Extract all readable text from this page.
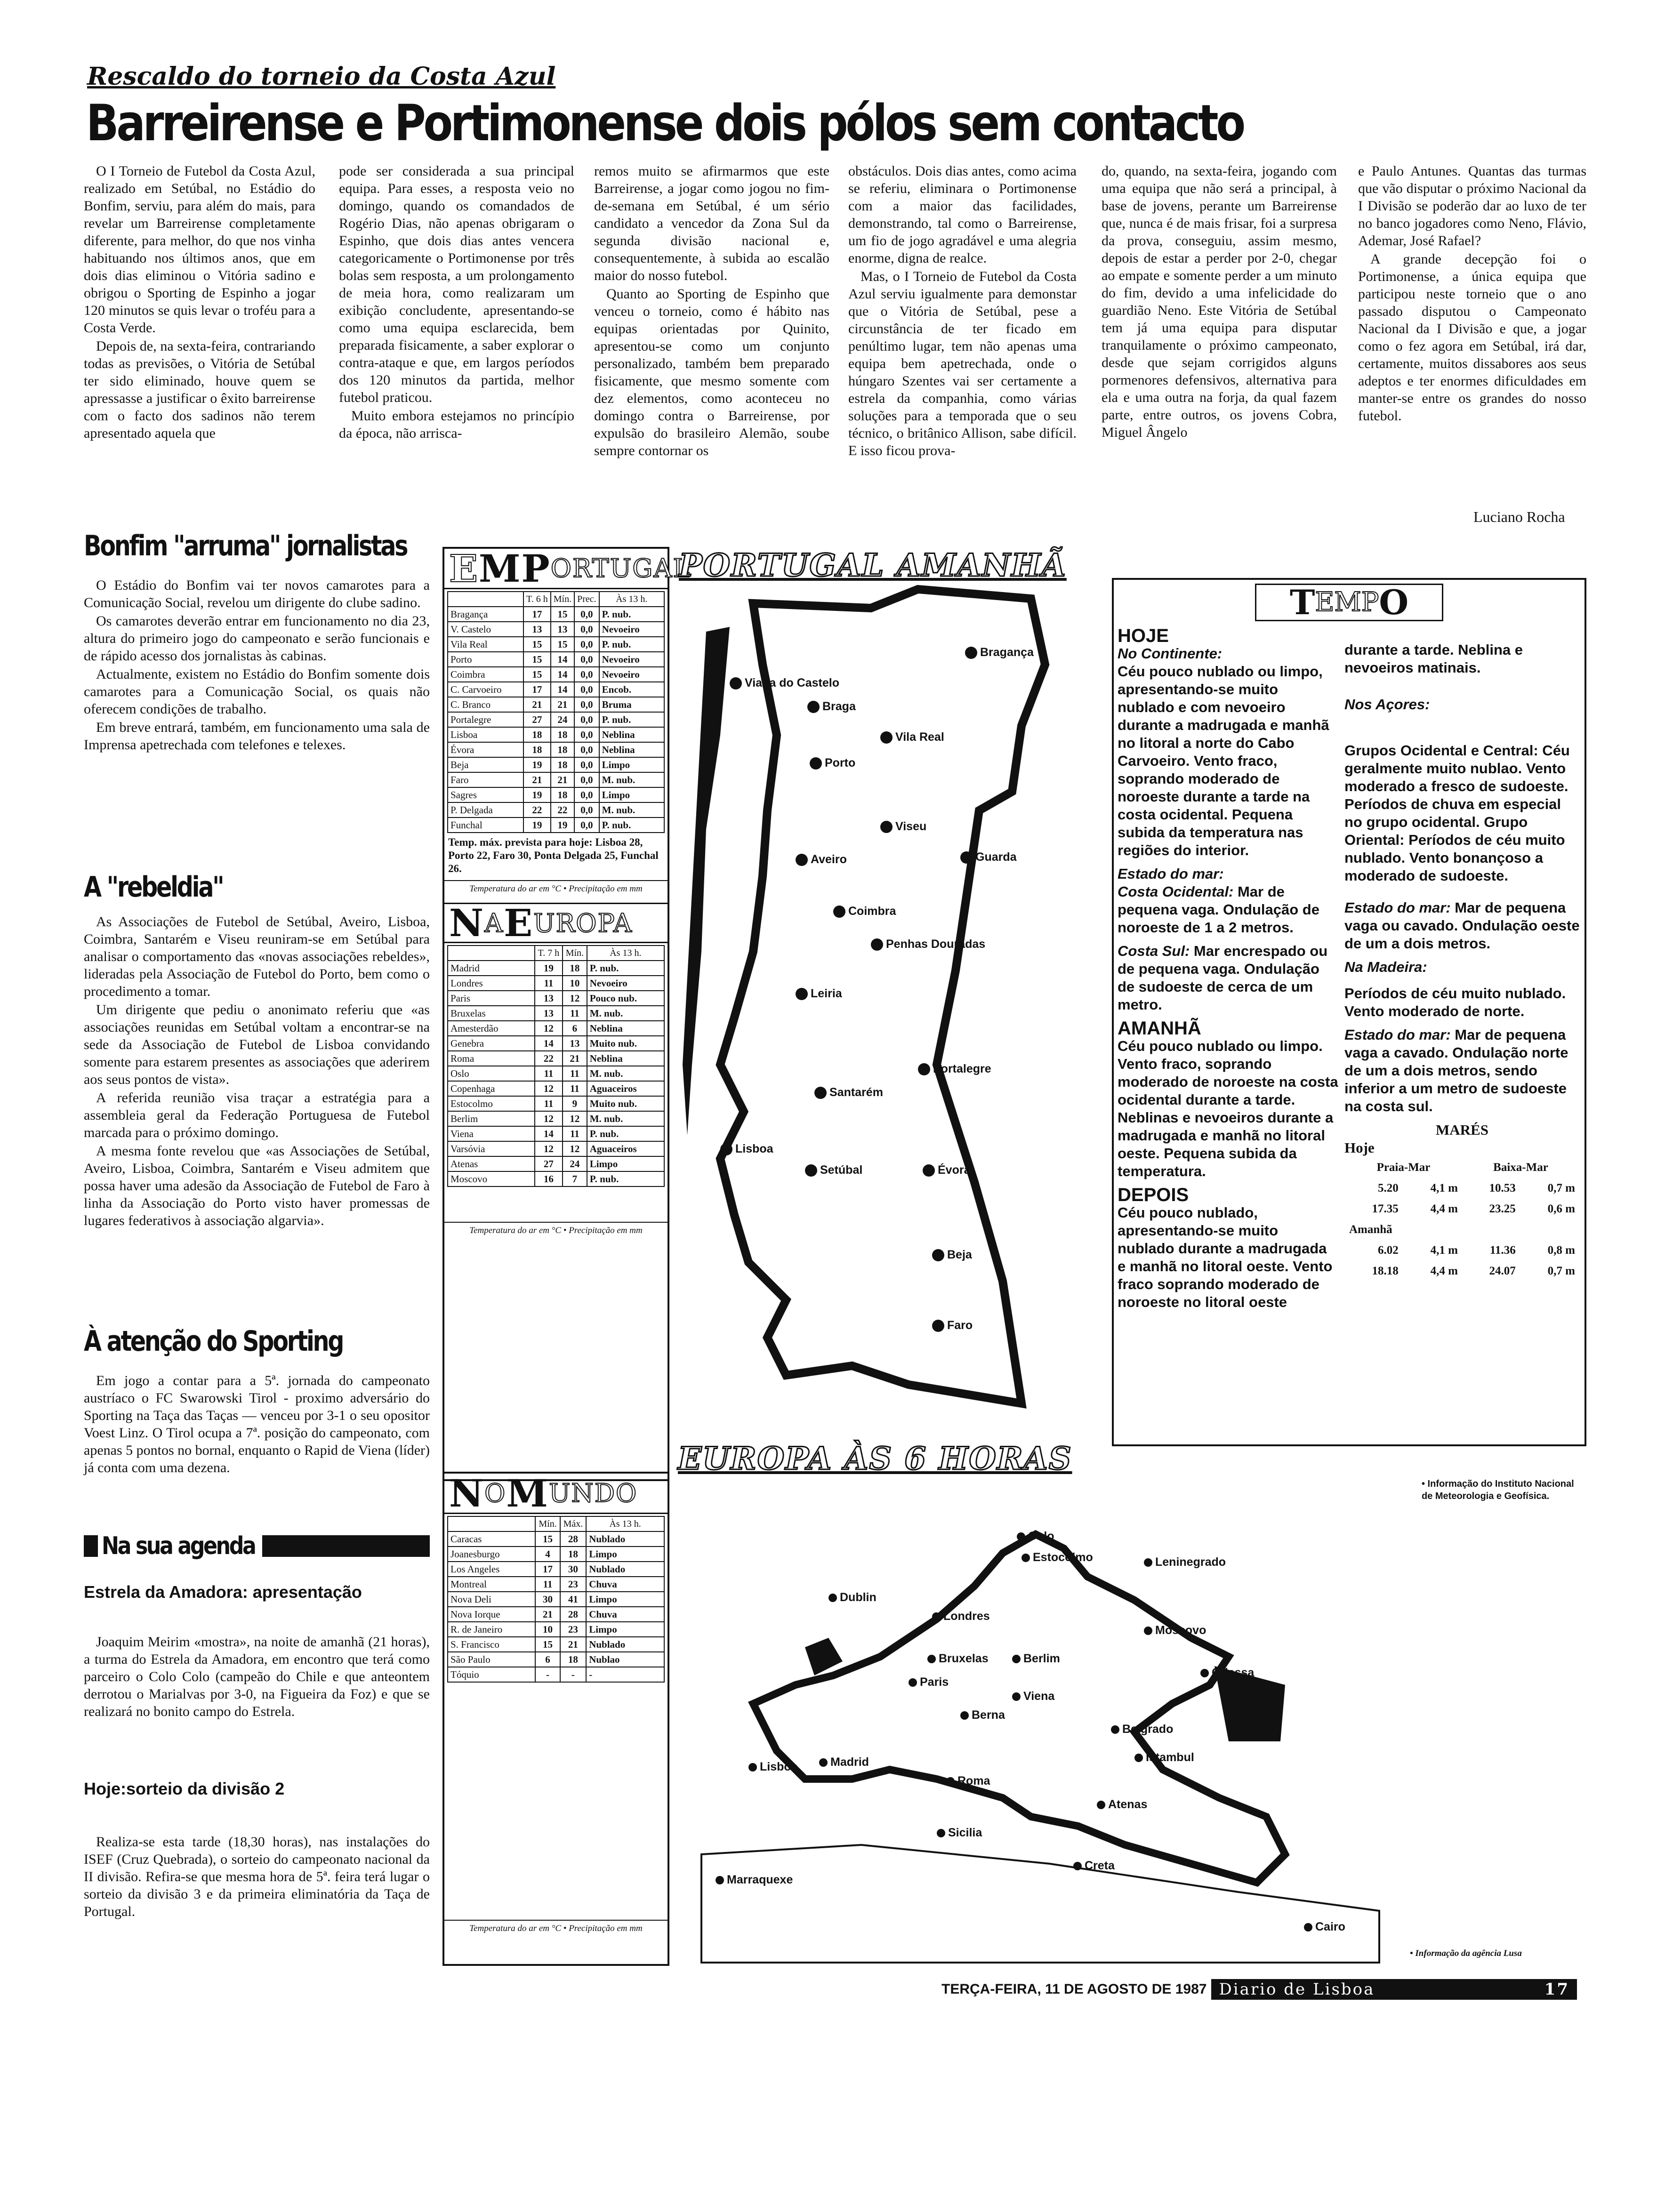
Rescaldo do torneio da Costa Azul
Barreirense e Portimonense dois pólos sem contacto

O I Torneio de Futebol da Costa Azul, realizado em Setúbal, no Estádio do Bonfim, serviu, para além do mais, para revelar um Barreirense completamente diferente, para melhor, do que nos vinha habituando nos últimos anos, que em dois dias eliminou o Vitória sadino e obrigou o Sporting de Espinho a jogar 120 minutos se quis levar o troféu para a Costa Verde.

Depois de, na sexta-feira, contrariando todas as previsões, o Vitória de Setúbal ter sido eliminado, houve quem se apressasse a justificar o êxito barreirense com o facto dos sadinos não terem apresentado aquela que

pode ser considerada a sua principal equipa. Para esses, a resposta veio no domingo, quando os comandados de Rogério Dias, não apenas obrigaram o Espinho, que dois dias antes vencera categoricamente o Portimonense por três bolas sem resposta, a um prolongamento de meia hora, como realizaram um exibição concludente, apresentando-se como uma equipa esclarecida, bem preparada fisicamente, a saber explorar o contra-ataque e que, em largos períodos dos 120 minutos da partida, melhor futebol praticou.

Muito embora estejamos no princípio da época, não arrisca-

remos muito se afirmarmos que este Barreirense, a jogar como jogou no fim-de-semana em Setúbal, é um sério candidato a vencedor da Zona Sul da segunda divisão nacional e, consequentemente, à subida ao escalão maior do nosso futebol.

Quanto ao Sporting de Espinho que venceu o torneio, como é hábito nas equipas orientadas por Quinito, apresentou-se como um conjunto personalizado, também bem preparado fisicamente, que mesmo somente com dez elementos, como aconteceu no domingo contra o Barreirense, por expulsão do brasileiro Alemão, soube sempre contornar os

obstáculos. Dois dias antes, como acima se referiu, eliminara o Portimonense com a maior das facilidades, demonstrando, tal como o Barreirense, um fio de jogo agradável e uma alegria enorme, digna de realce.

Mas, o I Torneio de Futebol da Costa Azul serviu igualmente para demonstar que o Vitória de Setúbal, pese a circunstância de ter ficado em penúltimo lugar, tem não apenas uma equipa bem apetrechada, onde o húngaro Szentes vai ser certamente a estrela da companhia, como várias soluções para a temporada que o seu técnico, o britânico Allison, sabe difícil. E isso ficou prova-

do, quando, na sexta-feira, jogando com uma equipa que não será a principal, à base de jovens, perante um Barreirense que, nunca é de mais frisar, foi a surpresa da prova, conseguiu, assim mesmo, depois de estar a perder por 2-0, chegar ao empate e somente perder a um minuto do fim, devido a uma infelicidade do guardião Neno. Este Vitória de Setúbal tem já uma equipa para disputar tranquilamente o próximo campeonato, desde que sejam corrigidos alguns pormenores defensivos, alternativa para ela e uma outra na forja, da qual fazem parte, entre outros, os jovens Cobra, Miguel Ângelo

e Paulo Antunes. Quantas das turmas que vão disputar o próximo Nacional da I Divisão se poderão dar ao luxo de ter no banco jogadores como Neno, Flávio, Ademar, José Rafael?

A grande decepção foi o Portimonense, a única equipa que participou neste torneio que o ano passado disputou o Campeonato Nacional da I Divisão e que, a jogar como o fez agora em Setúbal, irá dar, certamente, muitos dissabores aos seus adeptos e ter enormes dificuldades em manter-se entre os grandes do nosso futebol.

Luciano Rocha
Bonfim "arruma" jornalistas

O Estádio do Bonfim vai ter novos camarotes para a Comunicação Social, revelou um dirigente do clube sadino.

Os camarotes deverão entrar em funcionamento no dia 23, altura do primeiro jogo do campeonato e serão funcionais e de rápido acesso dos jornalistas às cabinas.

Actualmente, existem no Estádio do Bonfim somente dois camarotes para a Comunicação Social, os quais não oferecem condições de trabalho.

Em breve entrará, também, em funcionamento uma sala de Imprensa apetrechada com telefones e telexes.

A "rebeldia"

As Associações de Futebol de Setúbal, Aveiro, Lisboa, Coimbra, Santarém e Viseu reuniram-se em Setúbal para analisar o comportamento das «novas associações rebeldes», lideradas pela Associação de Futebol do Porto, bem como o procedimento a tomar.

Um dirigente que pediu o anonimato referiu que «as associações reunidas em Setúbal voltam a encontrar-se na sede da Associação de Futebol de Lisboa convidando somente para estarem presentes as associações que aderirem aos seus pontos de vista».

A referida reunião visa traçar a estratégia para a assembleia geral da Federação Portuguesa de Futebol marcada para o próximo domingo.

A mesma fonte revelou que «as Associações de Setúbal, Aveiro, Lisboa, Coimbra, Santarém e Viseu admitem que possa haver uma adesão da Associação de Futebol de Faro à linha da Associação do Porto visto haver promessas de lugares federativos à associação algarvia».

À atenção do Sporting

Em jogo a contar para a 5ª. jornada do campeonato austríaco o FC Swarowski Tirol - proximo adversário do Sporting na Taça das Taças — venceu por 3-1 o seu opositor Voest Linz. O Tirol ocupa a 7ª. posição do campeonato, com apenas 5 pontos no bornal, enquanto o Rapid de Viena (líder) já conta com uma dezena.

Na sua agenda
Estrela da Amadora: apresentação

Joaquim Meirim «mostra», na noite de amanhã (21 horas), a turma do Estrela da Amadora, em encontro que terá como parceiro o Colo Colo (campeão do Chile e que anteontem derrotou o Marialvas por 3-0, na Figueira da Foz) e que se realizará no bonito campo do Estrela.

Hoje:sorteio da divisão 2

Realiza-se esta tarde (18,30 horas), nas instalações do ISEF (Cruz Quebrada), o sorteio do campeonato nacional da II divisão. Refira-se que mesma hora de 5ª. feira terá lugar o sorteio da divisão 3 e da primeira eliminatória da Taça de Portugal.

E M P ORTUGAL
	T. 6 h	Mín.	Prec.	Às 13 h.
Bragança	17	15	0,0	P. nub.
V. Castelo	13	13	0,0	Nevoeiro
Vila Real	15	15	0,0	P. nub.
Porto	15	14	0,0	Nevoeiro
Coimbra	15	14	0,0	Nevoeiro
C. Carvoeiro	17	14	0,0	Encob.
C. Branco	21	21	0,0	Bruma
Portalegre	27	24	0,0	P. nub.
Lisboa	18	18	0,0	Neblina
Évora	18	18	0,0	Neblina
Beja	19	18	0,0	Limpo
Faro	21	21	0,0	M. nub.
Sagres	19	18	0,0	Limpo
P. Delgada	22	22	0,0	M. nub.
Funchal	19	19	0,0	P. nub.
Temp. máx. prevista para hoje: Lisboa 28, Porto 22, Faro 30, Ponta Delgada 25, Funchal 26.
Temperatura do ar em °C • Precipitação em mm
N A E UROPA
	T. 7 h	Mín.	Às 13 h.
Madrid	19	18	P. nub.
Londres	11	10	Nevoeiro
Paris	13	12	Pouco nub.
Bruxelas	13	11	M. nub.
Amesterdão	12	6	Neblina
Genebra	14	13	Muito nub.
Roma	22	21	Neblina
Oslo	11	11	M. nub.
Copenhaga	12	11	Aguaceiros
Estocolmo	11	9	Muito nub.
Berlim	12	12	M. nub.
Viena	14	11	P. nub.
Varsóvia	12	12	Aguaceiros
Atenas	27	24	Limpo
Moscovo	16	7	P. nub.
Temperatura do ar em °C • Precipitação em mm
N O M UNDO
	Mín.	Máx.	Às 13 h.
Caracas	15	28	Nublado
Joanesburgo	4	18	Limpo
Los Angeles	17	30	Nublado
Montreal	11	23	Chuva
Nova Deli	30	41	Limpo
Nova Iorque	21	28	Chuva
R. de Janeiro	10	23	Limpo
S. Francisco	15	21	Nublado
São Paulo	6	18	Nublao
Tóquio	-	-	-
Temperatura do ar em °C • Precipitação em mm
PORTUGAL AMANHÃ
Bragança
Viana do Castelo
Braga
Vila Real
Porto
Viseu
Aveiro	Guarda
Coimbra
Penhas Douradas
Leiria
Portalegre
Santarém
Lisboa
Setúbal	Évora
Beja
Faro
T EMP O
HOJE
No Continente:

Céu pouco nublado ou limpo, apresentando-se muito nublado e com nevoeiro durante a madrugada e manhã no litoral a norte do Cabo Carvoeiro. Vento fraco, soprando moderado de noroeste durante a tarde na costa ocidental. Pequena subida da temperatura nas regiões do interior.

Estado do mar:

Costa Ocidental: Mar de pequena vaga. Ondulação de noroeste de 1 a 2 metros.

Costa Sul: Mar encrespado ou de pequena vaga. Ondulação de sudoeste de cerca de um metro.

AMANHÃ

Céu pouco nublado ou limpo. Vento fraco, soprando moderado de noroeste na costa ocidental durante a tarde. Neblinas e nevoeiros durante a madrugada e manhã no litoral oeste. Pequena subida da temperatura.

DEPOIS

Céu pouco nublado, apresentando-se muito nublado durante a madrugada e manhã no litoral oeste. Vento fraco soprando moderado de noroeste no litoral oeste

durante a tarde. Neblina e nevoeiros matinais.

Nos Açores:

Grupos Ocidental e Central: Céu geralmente muito nublao. Vento moderado a fresco de sudoeste. Períodos de chuva em especial no grupo ocidental. Grupo Oriental: Períodos de céu muito nublado. Vento bonançoso a moderado de sudoeste.

Estado do mar: Mar de pequena vaga ou cavado. Ondulação oeste de um a dois metros.

Na Madeira:

Períodos de céu muito nublado. Vento moderado de norte.

Estado do mar: Mar de pequena vaga a cavado. Ondulação norte de um a dois metros, sendo inferior a um metro de sudoeste na costa sul.

MARÉS
Hoje
Praia-Mar		Baixa-Mar	
5.20	4,1 m	10.53	0,7 m
17.35	4,4 m	23.25	0,6 m
Amanhã			
6.02	4,1 m	11.36	0,8 m
18.18	4,4 m	24.07	0,7 m
EUROPA ÀS 6 HORAS
Oslo
Estocolmo	Leninegrado
Dublin
Londres
Moscovo
Bruxelas	Berlim
Paris
Odessa
Viena
Berna
Belgrado
Lisboa	Madrid	Istambul
Roma
Atenas
Sicilia
Marraquexe
Creta
Cairo
• Informação da agência Lusa
• Informação do Instituto Nacional de Meteorologia e Geofísica.
TERÇA-FEIRA, 11 DE AGOSTO DE 1987 Diario de Lisboa	17
